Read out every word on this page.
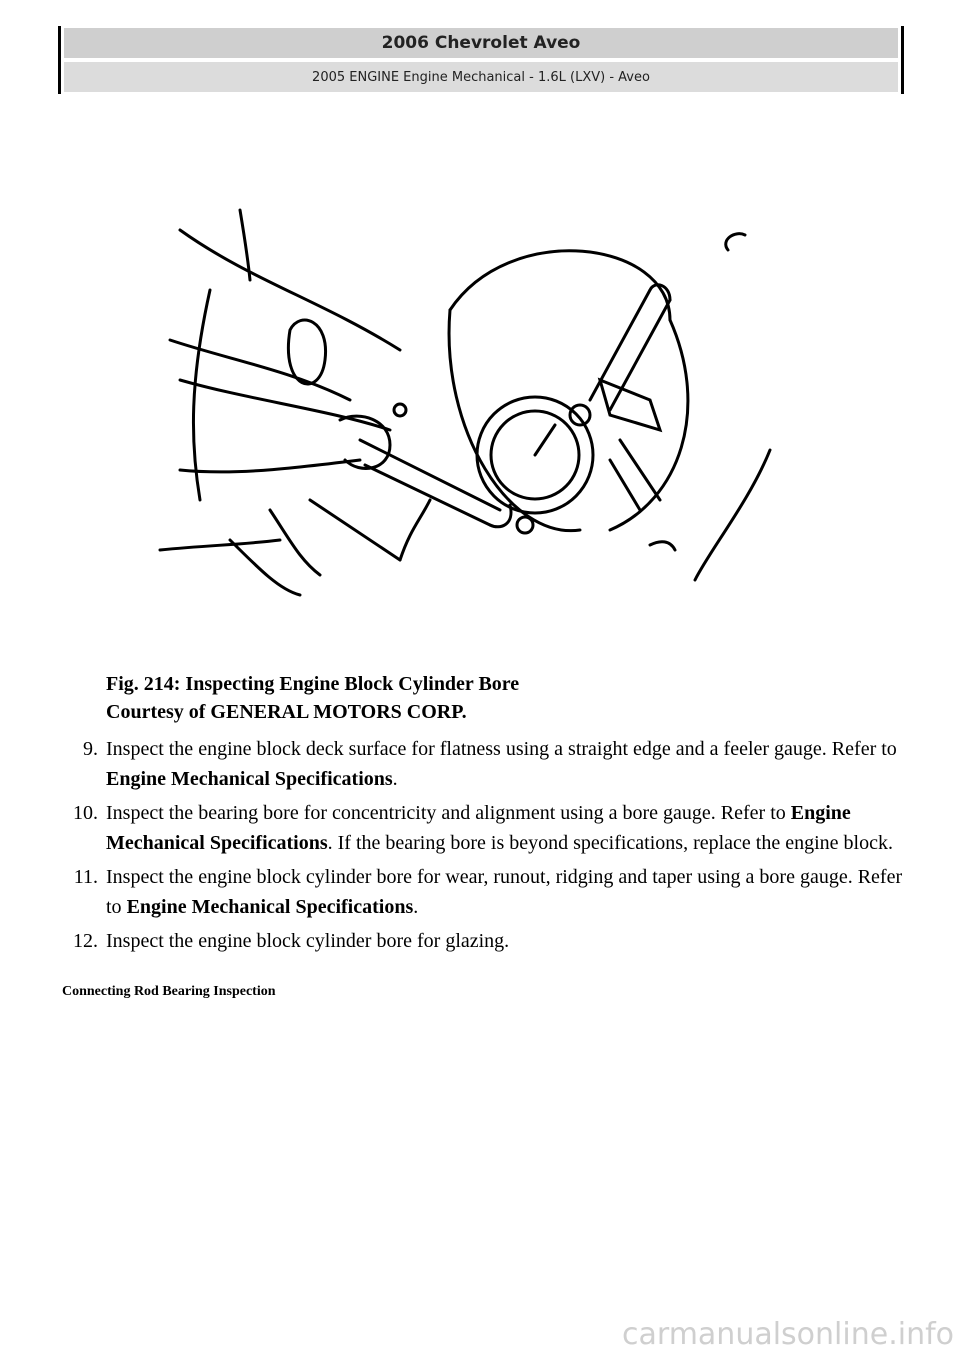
2006 Chevrolet Aveo
2005 ENGINE Engine Mechanical - 1.6L (LXV) - Aveo
Fig. 214: Inspecting Engine Block Cylinder Bore
Courtesy of GENERAL MOTORS CORP.
9. Inspect the engine block deck surface for flatness using a straight edge and a feeler gauge. Refer to Engine Mechanical Specifications.
10. Inspect the bearing bore for concentricity and alignment using a bore gauge. Refer to Engine Mechanical Specifications. If the bearing bore is beyond specifications, replace the engine block.
11. Inspect the engine block cylinder bore for wear, runout, ridging and taper using a bore gauge. Refer to Engine Mechanical Specifications.
12. Inspect the engine block cylinder bore for glazing.
Connecting Rod Bearing Inspection
carmanualsonline.info
